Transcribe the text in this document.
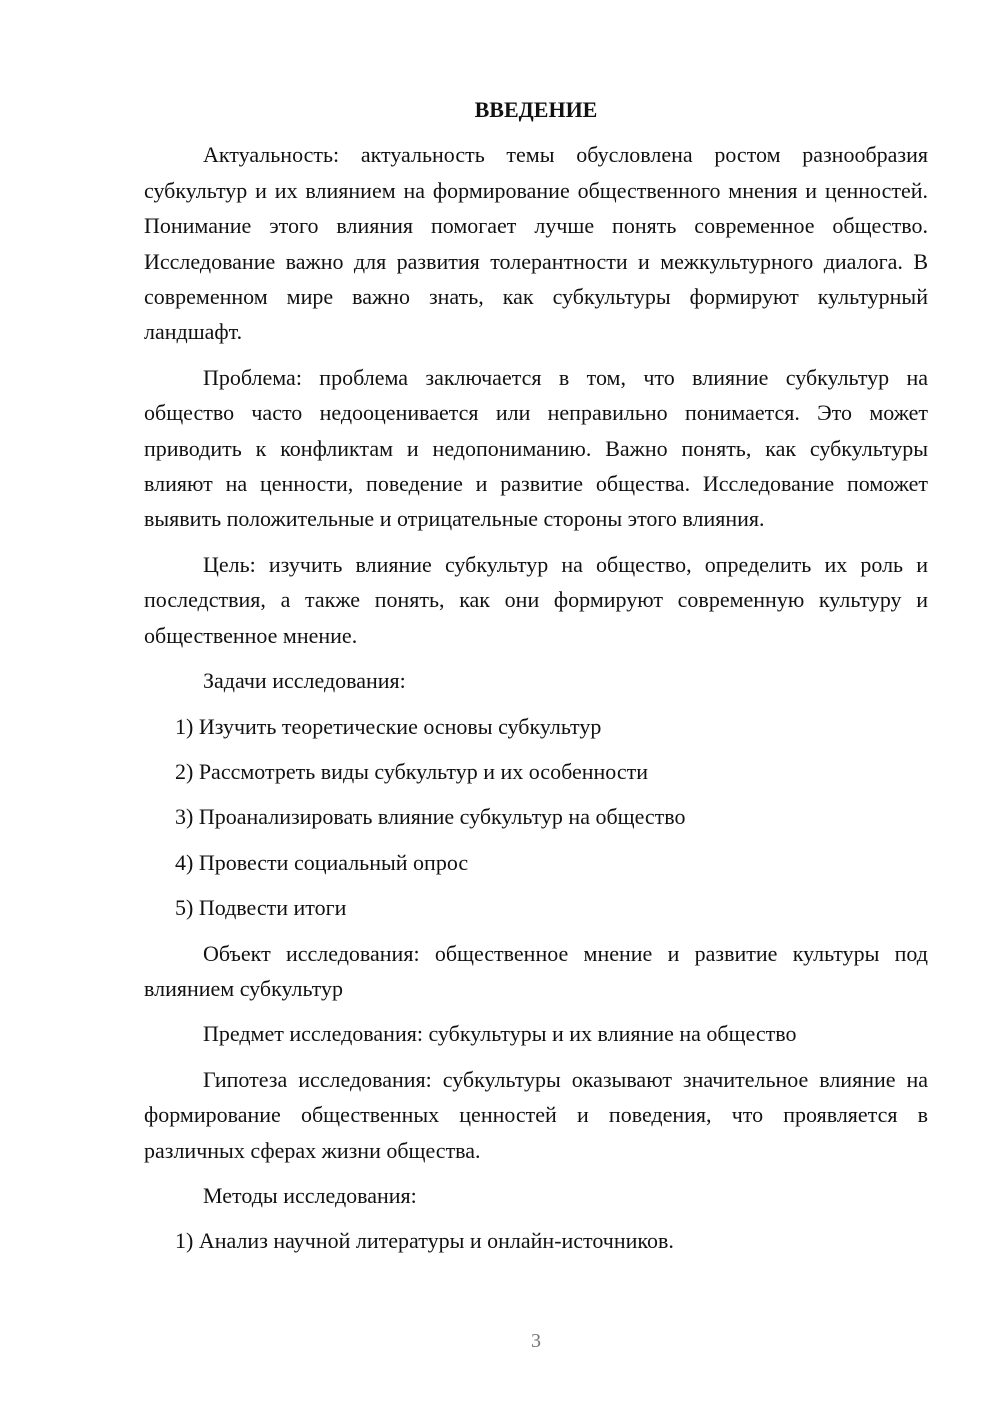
ВВЕДЕНИЕ
Актуальность: актуальность темы обусловлена ростом разнообразия субкультур и их влиянием на формирование общественного мнения и ценностей. Понимание этого влияния помогает лучше понять современное общество. Исследование важно для развития толерантности и межкультурного диалога. В современном мире важно знать, как субкультуры формируют культурный ландшафт.
Проблема: проблема заключается в том, что влияние субкультур на общество часто недооценивается или неправильно понимается. Это может приводить к конфликтам и недопониманию. Важно понять, как субкультуры влияют на ценности, поведение и развитие общества. Исследование поможет выявить положительные и отрицательные стороны этого влияния.
Цель: изучить влияние субкультур на общество, определить их роль и последствия, а также понять, как они формируют современную культуру и общественное мнение.
Задачи исследования:
1) Изучить теоретические основы субкультур
2) Рассмотреть виды субкультур и их особенности
3) Проанализировать влияние субкультур на общество
4) Провести социальный опрос
5) Подвести итоги
Объект исследования: общественное мнение и развитие культуры под влиянием субкультур
Предмет исследования: субкультуры и их влияние на общество
Гипотеза исследования: субкультуры оказывают значительное влияние на формирование общественных ценностей и поведения, что проявляется в различных сферах жизни общества.
Методы исследования:
1) Анализ научной литературы и онлайн-источников.
3
